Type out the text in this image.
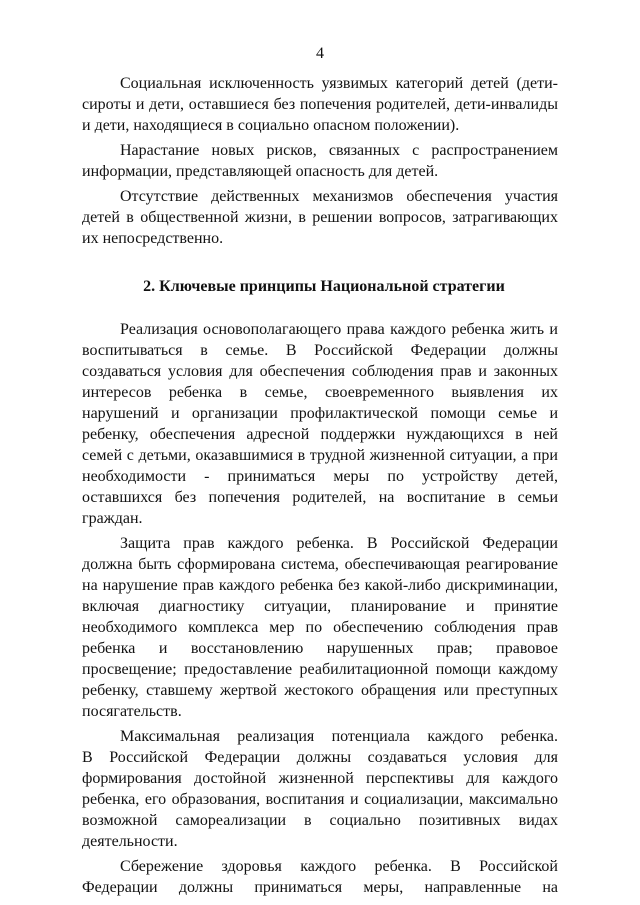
4

Социальная исключенность уязвимых категорий детей (дети-
сироты и дети, оставшиеся без попечения родителей, дети-инвалиды
и дети, находящиеся в социально опасном положении).

Нарастание новых рисков, связанных с распространением
информации, представляющей опасность для детей.

Отсутствие действенных механизмов обеспечения участия
детей в общественной жизни, в решении вопросов, затрагивающих
их непосредственно.

2. Ключевые принципы Национальной стратегии

Реализация основополагающего права каждого ребенка жить и
воспитываться в семье. В Российской Федерации должны
создаваться условия для обеспечения соблюдения прав и законных
интересов ребенка в семье, своевременного выявления их
нарушений и организации профилактической помощи семье и
ребенку, обеспечения адресной поддержки нуждающихся в ней
семей с детьми, оказавшимися в трудной жизненной ситуации, а при
необходимости - приниматься меры по устройству детей,
оставшихся без попечения родителей, на воспитание в семьи
граждан.

Защита прав каждого ребенка. В Российской Федерации
должна быть сформирована система, обеспечивающая реагирование
на нарушение прав каждого ребенка без какой-либо дискриминации,
включая диагностику ситуации, планирование и принятие
необходимого комплекса мер по обеспечению соблюдения прав
ребенка и восстановлению нарушенных прав; правовое
просвещение; предоставление реабилитационной помощи каждому
ребенку, ставшему жертвой жестокого обращения или преступных
посягательств.

Максимальная реализация потенциала каждого ребенка.
В Российской Федерации должны создаваться условия для
формирования достойной жизненной перспективы для каждого
ребенка, его образования, воспитания и социализации, максимально
возможной самореализации в социально позитивных видах
деятельности.

Сбережение здоровья каждого ребенка. В Российской
Федерации должны приниматься меры, направленные на
